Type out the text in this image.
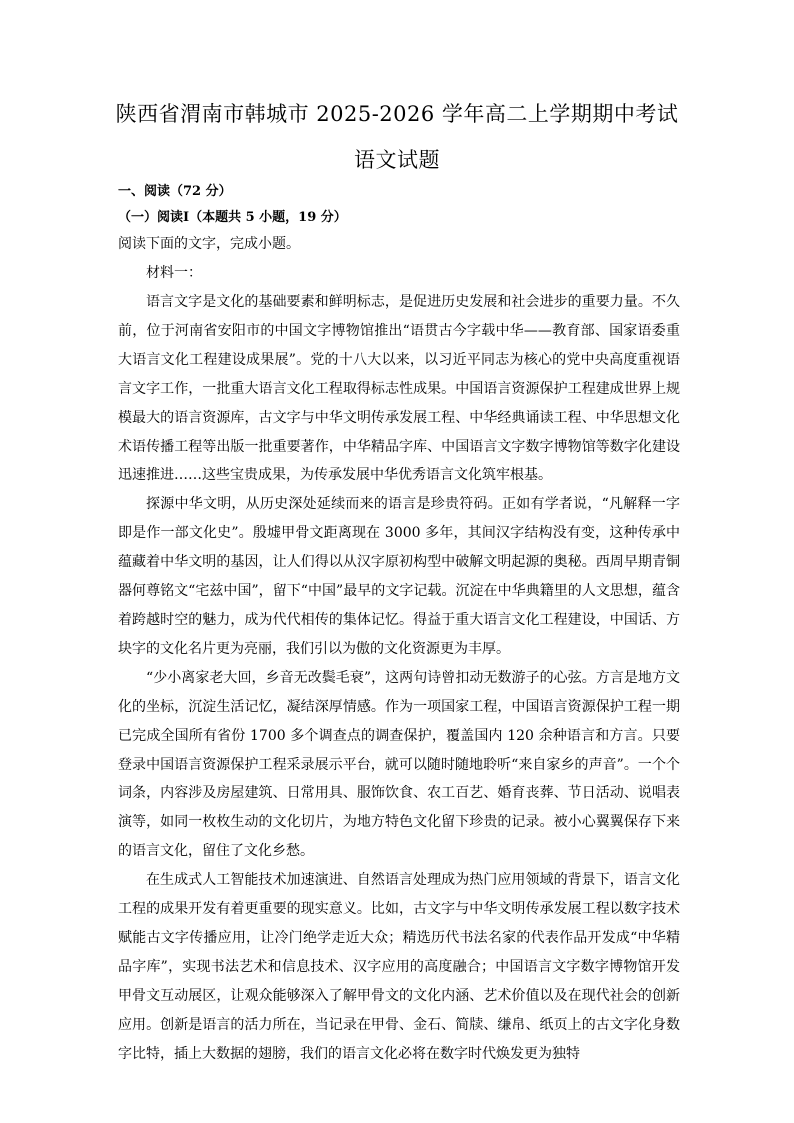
陕西省渭南市韩城市 2025-2026 学年高二上学期期中考试
语文试题
一、阅读（72 分）
（一）阅读Ⅰ（本题共 5 小题，19 分）
阅读下面的文字，完成小题。
材料一：

语言文字是文化的基础要素和鲜明标志，是促进历史发展和社会进步的重要力量。不久前，位于河南省安阳市的中国文字博物馆推出“语贯古今字载中华——教育部、国家语委重大语言文化工程建设成果展”。党的十八大以来，以习近平同志为核心的党中央高度重视语言文字工作，一批重大语言文化工程取得标志性成果。中国语言资源保护工程建成世界上规模最大的语言资源库，古文字与中华文明传承发展工程、中华经典诵读工程、中华思想文化术语传播工程等出版一批重要著作，中华精品字库、中国语言文字数字博物馆等数字化建设迅速推进……这些宝贵成果，为传承发展中华优秀语言文化筑牢根基。

探源中华文明，从历史深处延续而来的语言是珍贵符码。正如有学者说，“凡解释一字即是作一部文化史”。殷墟甲骨文距离现在 3000 多年，其间汉字结构没有变，这种传承中蕴藏着中华文明的基因，让人们得以从汉字原初构型中破解文明起源的奥秘。西周早期青铜器何尊铭文“宅兹中国”，留下“中国”最早的文字记载。沉淀在中华典籍里的人文思想，蕴含着跨越时空的魅力，成为代代相传的集体记忆。得益于重大语言文化工程建设，中国话、方块字的文化名片更为亮丽，我们引以为傲的文化资源更为丰厚。

“少小离家老大回，乡音无改鬓毛衰”，这两句诗曾扣动无数游子的心弦。方言是地方文化的坐标，沉淀生活记忆，凝结深厚情感。作为一项国家工程，中国语言资源保护工程一期已完成全国所有省份 1700 多个调查点的调查保护，覆盖国内 120 余种语言和方言。只要登录中国语言资源保护工程采录展示平台，就可以随时随地聆听“来自家乡的声音”。一个个词条，内容涉及房屋建筑、日常用具、服饰饮食、农工百艺、婚育丧葬、节日活动、说唱表演等，如同一枚枚生动的文化切片，为地方特色文化留下珍贵的记录。被小心翼翼保存下来的语言文化，留住了文化乡愁。

在生成式人工智能技术加速演进、自然语言处理成为热门应用领域的背景下，语言文化工程的成果开发有着更重要的现实意义。比如，古文字与中华文明传承发展工程以数字技术赋能古文字传播应用，让冷门绝学走近大众；精选历代书法名家的代表作品开发成“中华精品字库”，实现书法艺术和信息技术、汉字应用的高度融合；中国语言文字数字博物馆开发甲骨文互动展区，让观众能够深入了解甲骨文的文化内涵、艺术价值以及在现代社会的创新应用。创新是语言的活力所在，当记录在甲骨、金石、简牍、缣帛、纸页上的古文字化身数字比特，插上大数据的翅膀，我们的语言文化必将在数字时代焕发更为独特
